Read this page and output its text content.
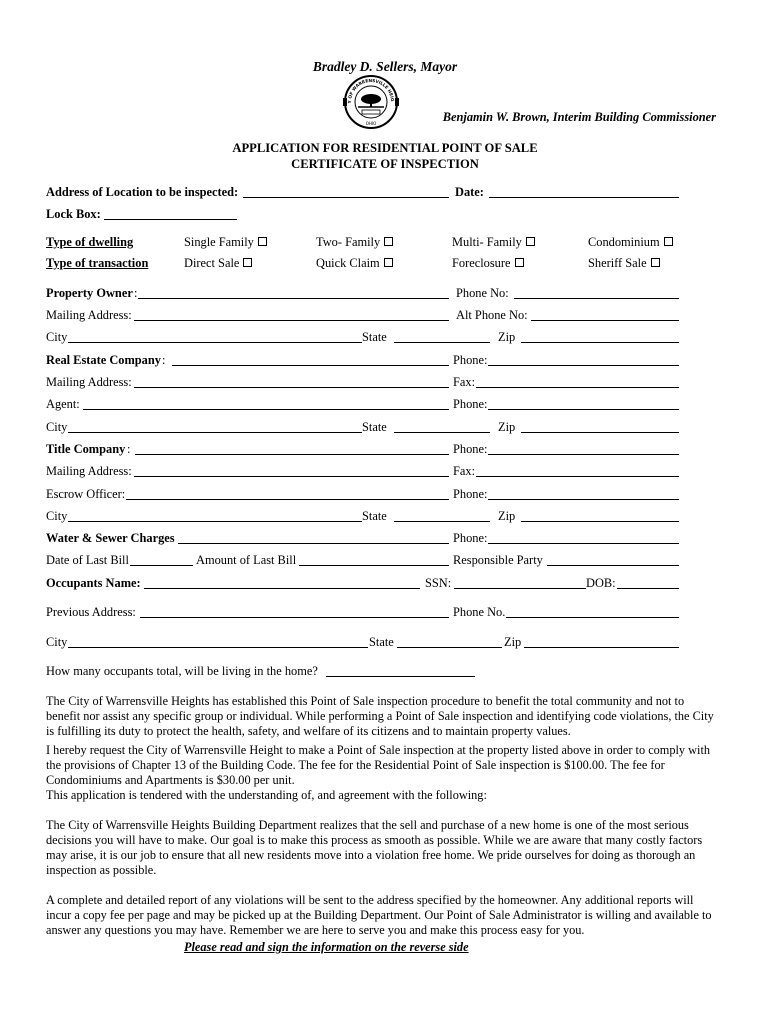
Bradley D. Sellers, Mayor
Y OF WARRENSVILLE HEIG
OHIO	Benjamin W. Brown, Interim Building Commissioner
APPLICATION FOR RESIDENTIAL POINT OF SALE
CERTIFICATE OF INSPECTION
Address of Location to be inspected:	Date:
Lock Box:
Type of dwelling	Single Family	Two- Family	Multi- Family	Condominium
Type of transaction	Direct Sale	Quick Claim	Foreclosure	Sheriff Sale
Property Owner :	Phone No:
Mailing Address:	Alt Phone No:
City	State	Zip
Real Estate Company :	Phone:
Mailing Address:	Fax:
Agent:	Phone:
City	State	Zip
Title Company :	Phone:
Mailing Address:	Fax:
Escrow Officer:	Phone:
City	State	Zip
Water & Sewer Charges	Phone:
Date of Last Bill	Amount of Last Bill	Responsible Party
Occupants Name:	SSN:	DOB:
Previous Address:	Phone No.
City	State	Zip
How many occupants total, will be living in the home?
The City of Warrensville Heights has established this Point of Sale inspection procedure to benefit the total community and not to benefit nor assist any specific group or individual. While performing a Point of Sale inspection and identifying code violations, the City is fulfilling its duty to protect the health, safety, and welfare of its citizens and to maintain property values.
I hereby request the City of Warrensville Height to make a Point of Sale inspection at the property listed above in order to comply with the provisions of Chapter 13 of the Building Code. The fee for the Residential Point of Sale inspection is $100.00. The fee for Condominiums and Apartments is $30.00 per unit.
This application is tendered with the understanding of, and agreement with the following:
The City of Warrensville Heights Building Department realizes that the sell and purchase of a new home is one of the most serious decisions you will have to make. Our goal is to make this process as smooth as possible. While we are aware that many costly factors may arise, it is our job to ensure that all new residents move into a violation free home. We pride ourselves for doing as thorough an inspection as possible.
A complete and detailed report of any violations will be sent to the address specified by the homeowner. Any additional reports will incur a copy fee per page and may be picked up at the Building Department. Our Point of Sale Administrator is willing and available to answer any questions you may have. Remember we are here to serve you and make this process easy for you.
Please read and sign the information on the reverse side
